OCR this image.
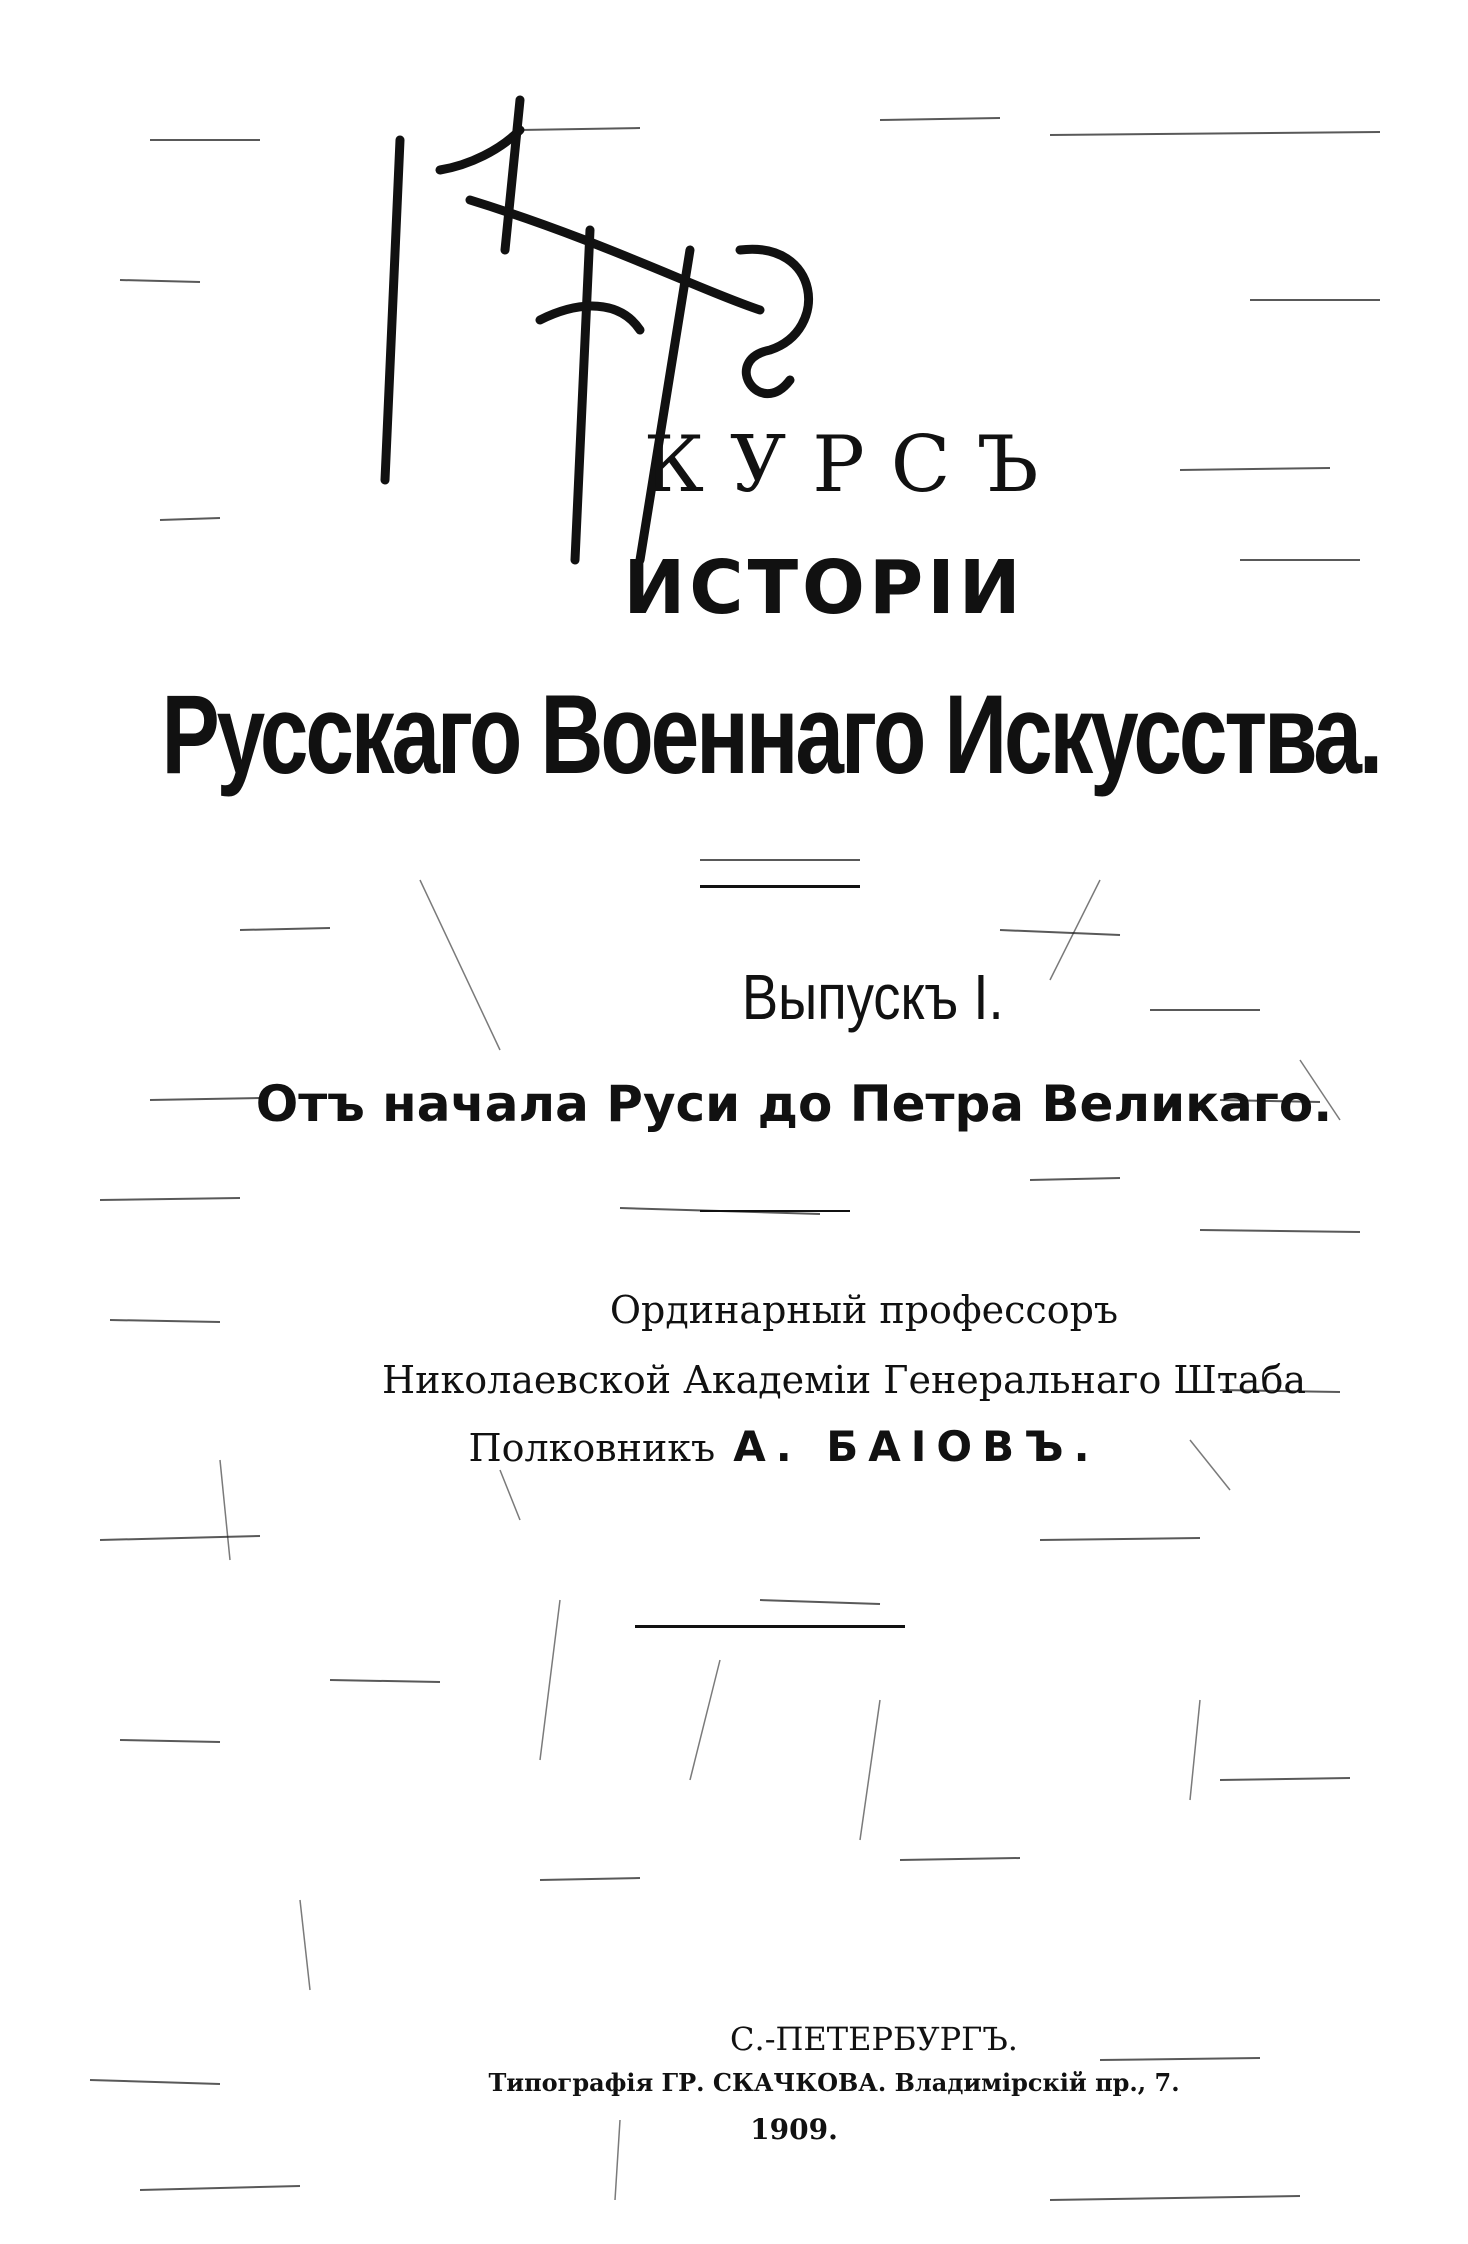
КУРСЪ
ИСТОРІИ
Русскаго Военнаго Искусства.
Выпускъ I.
Отъ начала Руси до Петра Великаго.
Ординарный профессоръ
Николаевской Академіи Генеральнаго Штаба
Полковникъ А. БАІОВЪ.
С.-ПЕТЕРБУРГЪ.
Типографія ГР. СКАЧКОВА. Владимірскій пр., 7.
1909.
